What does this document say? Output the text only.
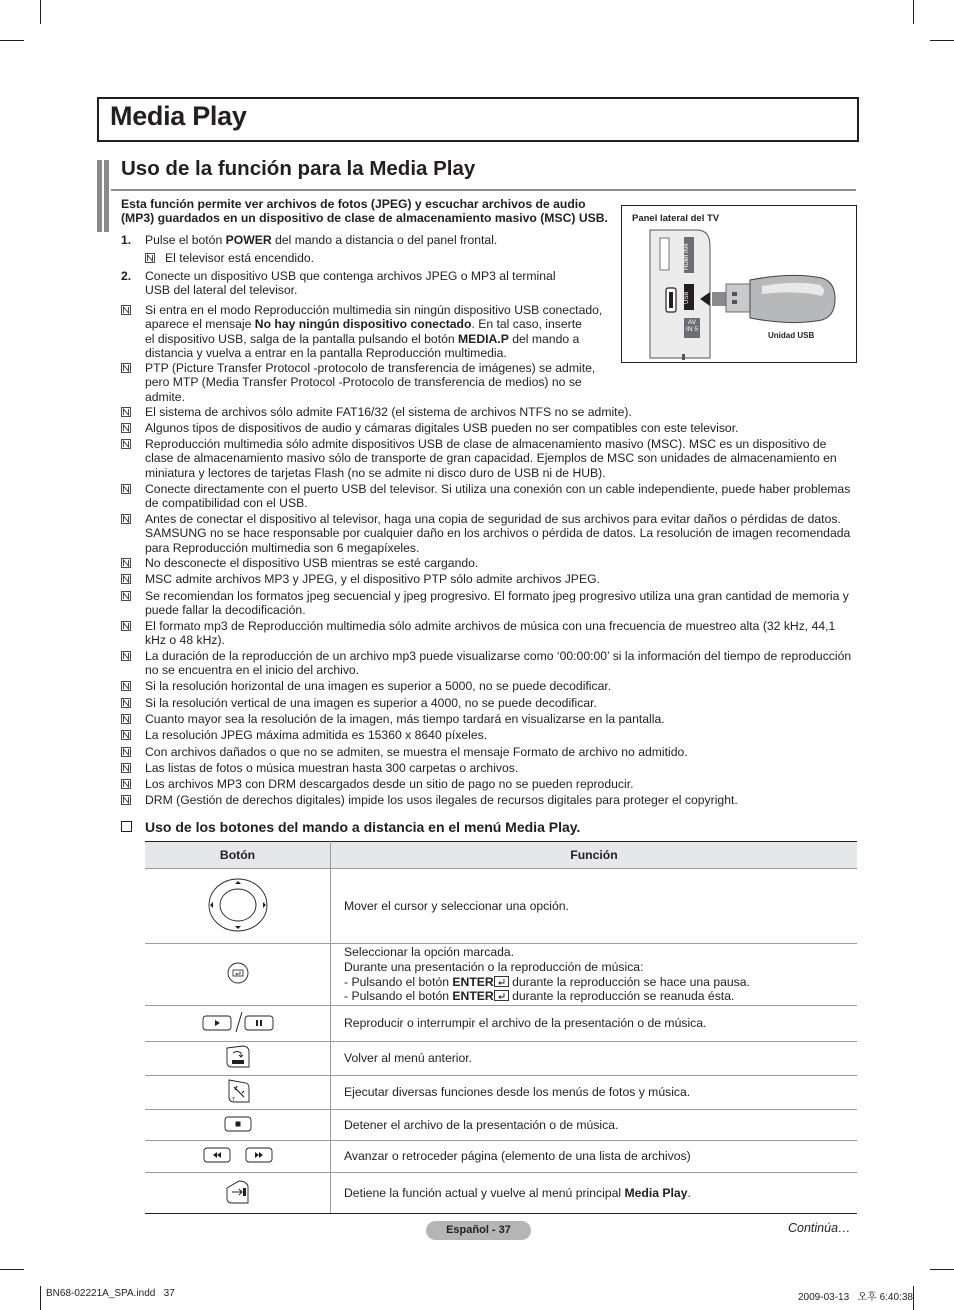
Media Play
Uso de la función para la Media Play
Esta función permite ver archivos de fotos (JPEG) y escuchar archivos de audio (MP3) guardados en un dispositivo de clase de almacenamiento masivo (MSC) USB.
1. Pulse el botón POWER del mando a distancia o del panel frontal.
El televisor está encendido.
2. Conecte un dispositivo USB que contenga archivos JPEG o MP3 al terminal
USB del lateral del televisor.
Panel lateral del TV
HDMI IN4
USB
AV IN 5
Unidad USB
Si entra en el modo Reproducción multimedia sin ningún dispositivo USB conectado,
aparece el mensaje No hay ningún dispositivo conectado. En tal caso, inserte
el dispositivo USB, salga de la pantalla pulsando el botón MEDIA.P del mando a
distancia y vuelva a entrar en la pantalla Reproducción multimedia.
PTP (Picture Transfer Protocol -protocolo de transferencia de imágenes) se admite,
pero MTP (Media Transfer Protocol -Protocolo de transferencia de medios) no se
admite.
El sistema de archivos sólo admite FAT16/32 (el sistema de archivos NTFS no se admite).
Algunos tipos de dispositivos de audio y cámaras digitales USB pueden no ser compatibles con este televisor.
Reproducción multimedia sólo admite dispositivos USB de clase de almacenamiento masivo (MSC). MSC es un dispositivo de
clase de almacenamiento masivo sólo de transporte de gran capacidad. Ejemplos de MSC son unidades de almacenamiento en
miniatura y lectores de tarjetas Flash (no se admite ni disco duro de USB ni de HUB).
Conecte directamente con el puerto USB del televisor. Si utiliza una conexión con un cable independiente, puede haber problemas
de compatibilidad con el USB.
Antes de conectar el dispositivo al televisor, haga una copia de seguridad de sus archivos para evitar daños o pérdidas de datos.
SAMSUNG no se hace responsable por cualquier daño en los archivos o pérdida de datos. La resolución de imagen recomendada
para Reproducción multimedia son 6 megapíxeles.
No desconecte el dispositivo USB mientras se esté cargando.
MSC admite archivos MP3 y JPEG, y el dispositivo PTP sólo admite archivos JPEG.
Se recomiendan los formatos jpeg secuencial y jpeg progresivo. El formato jpeg progresivo utiliza una gran cantidad de memoria y
puede fallar la decodificación.
El formato mp3 de Reproducción multimedia sólo admite archivos de música con una frecuencia de muestreo alta (32 kHz, 44,1
kHz o 48 kHz).
La duración de la reproducción de un archivo mp3 puede visualizarse como ‘00:00:00’ si la información del tiempo de reproducción
no se encuentra en el inicio del archivo.
Si la resolución horizontal de una imagen es superior a 5000, no se puede decodificar.
Si la resolución vertical de una imagen es superior a 4000, no se puede decodificar.
Cuanto mayor sea la resolución de la imagen, más tiempo tardará en visualizarse en la pantalla.
La resolución JPEG máxima admitida es 15360 x 8640 píxeles.
Con archivos dañados o que no se admiten, se muestra el mensaje Formato de archivo no admitido.
Las listas de fotos o música muestran hasta 300 carpetas o archivos.
Los archivos MP3 con DRM descargados desde un sitio de pago no se pueden reproducir.
DRM (Gestión de derechos digitales) impide los usos ilegales de recursos digitales para proteger el copyright.
Uso de los botones del mando a distancia en el menú Media Play.
Botón	Función
	Mover el cursor y seleccionar una opción.

Seleccionar la opción marcada.
Durante una presentación o la reproducción de música:
- Pulsando el botón ENTER durante la reproducción se hace una pausa.
- Pulsando el botón ENTER durante la reproducción se reanuda ésta.

	Reproducir o interrumpir el archivo de la presentación o de música.
	Volver al menú anterior.

T	Ejecutar diversas funciones desde los menús de fotos y música.
	Detener el archivo de la presentación o de música.
	Avanzar o retroceder página (elemento de una lista de archivos)
	Detiene la función actual y vuelve al menú principal Media Play.
Continúa…
Español - 37
BN68-02221A_SPA.indd   37	2009-03-13   오후 6:40:38
